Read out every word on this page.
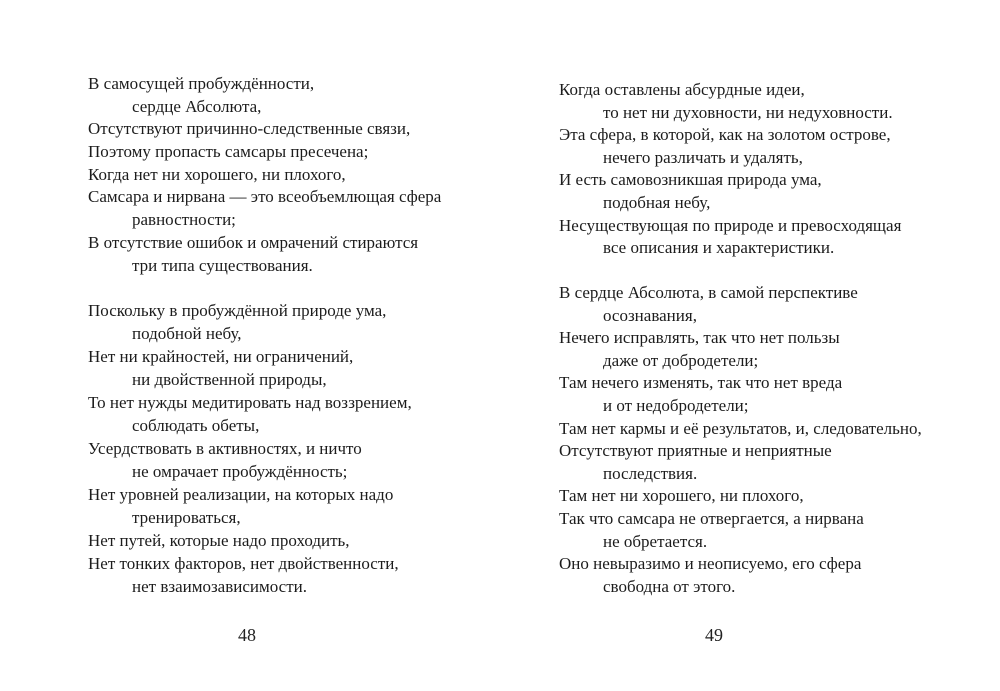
В самосущей пробуждённости,
сердце Абсолюта,
Отсутствуют причинно-следственные связи,
Поэтому пропасть самсары пресечена;
Когда нет ни хорошего, ни плохого,
Самсара и нирвана — это всеобъемлющая сфера
равностности;
В отсутствие ошибок и омрачений стираются
три типа существования.
Поскольку в пробуждённой природе ума,
подобной небу,
Нет ни крайностей, ни ограничений,
ни двойственной природы,
То нет нужды медитировать над воззрением,
соблюдать обеты,
Усердствовать в активностях, и ничто
не омрачает пробуждённость;
Нет уровней реализации, на которых надо
тренироваться,
Нет путей, которые надо проходить,
Нет тонких факторов, нет двойственности,
нет взаимозависимости.
48
Когда оставлены абсурдные идеи,
то нет ни духовности, ни недуховности.
Эта сфера, в которой, как на золотом острове,
нечего различать и удалять,
И есть самовозникшая природа ума,
подобная небу,
Несуществующая по природе и превосходящая
все описания и характеристики.
В сердце Абсолюта, в самой перспективе
осознавания,
Нечего исправлять, так что нет пользы
даже от добродетели;
Там нечего изменять, так что нет вреда
и от недобродетели;
Там нет кармы и её результатов, и, следовательно,
Отсутствуют приятные и неприятные
последствия.
Там нет ни хорошего, ни плохого,
Так что самсара не отвергается, а нирвана
не обретается.
Оно невыразимо и неописуемо, его сфера
свободна от этого.
49
